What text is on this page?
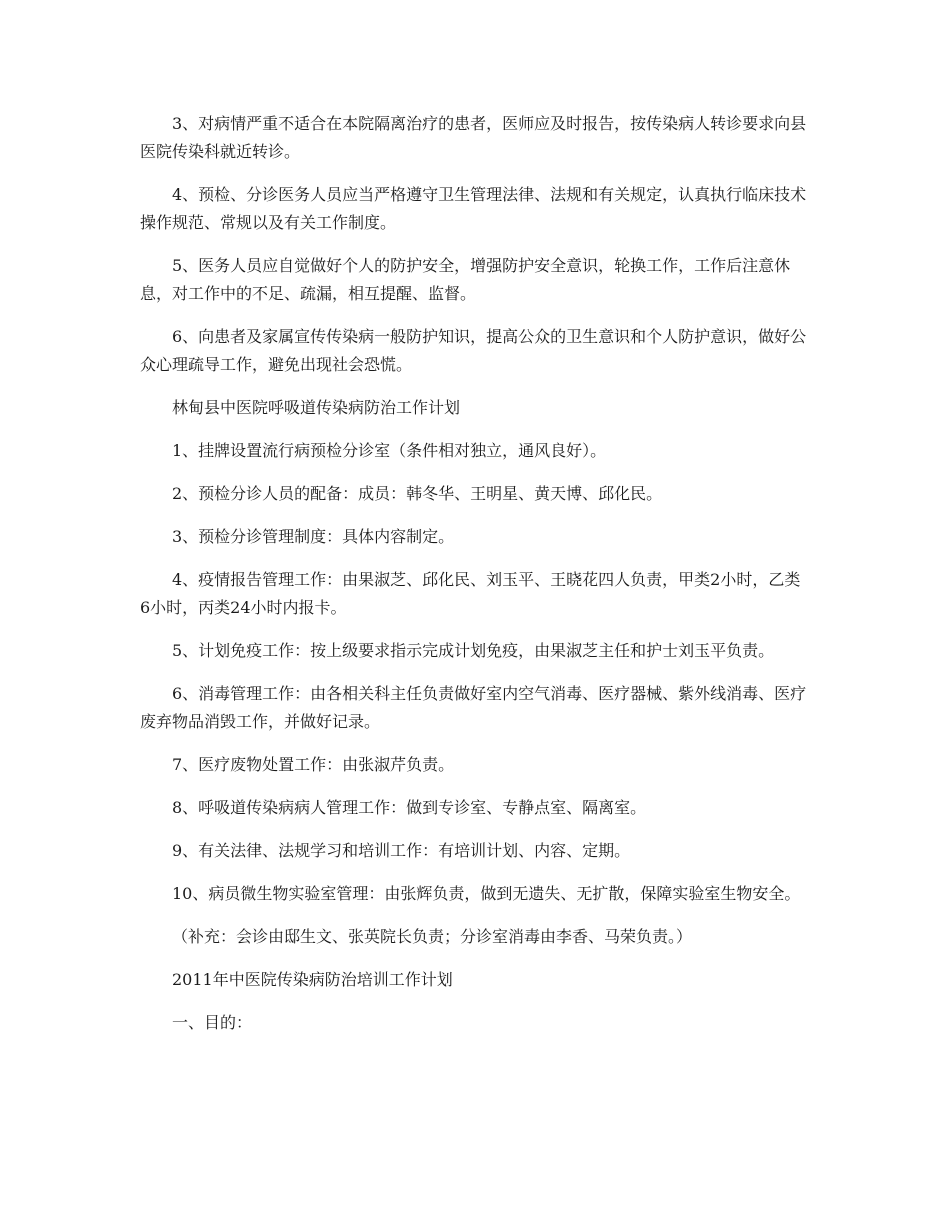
3、对病情严重不适合在本院隔离治疗的患者，医师应及时报告，按传染病人转诊要求向县医院传染科就近转诊。

4、预检、分诊医务人员应当严格遵守卫生管理法律、法规和有关规定，认真执行临床技术操作规范、常规以及有关工作制度。

5、医务人员应自觉做好个人的防护安全，增强防护安全意识，轮换工作，工作后注意休息，对工作中的不足、疏漏，相互提醒、监督。

6、向患者及家属宣传传染病一般防护知识，提高公众的卫生意识和个人防护意识，做好公众心理疏导工作，避免出现社会恐慌。

林甸县中医院呼吸道传染病防治工作计划

1、挂牌设置流行病预检分诊室（条件相对独立，通风良好）。

2、预检分诊人员的配备：成员：韩冬华、王明星、黄天博、邱化民。

3、预检分诊管理制度：具体内容制定。

4、疫情报告管理工作：由果淑芝、邱化民、刘玉平、王晓花四人负责，甲类2小时，乙类6小时，丙类24小时内报卡。

5、计划免疫工作：按上级要求指示完成计划免疫，由果淑芝主任和护士刘玉平负责。

6、消毒管理工作：由各相关科主任负责做好室内空气消毒、医疗器械、紫外线消毒、医疗废弃物品消毁工作，并做好记录。

7、医疗废物处置工作：由张淑芹负责。

8、呼吸道传染病病人管理工作：做到专诊室、专静点室、隔离室。

9、有关法律、法规学习和培训工作：有培训计划、内容、定期。

10、病员微生物实验室管理：由张辉负责，做到无遗失、无扩散，保障实验室生物安全。

（补充：会诊由邸生文、张英院长负责；分诊室消毒由李香、马荣负责。）

2011年中医院传染病防治培训工作计划

一、目的：
